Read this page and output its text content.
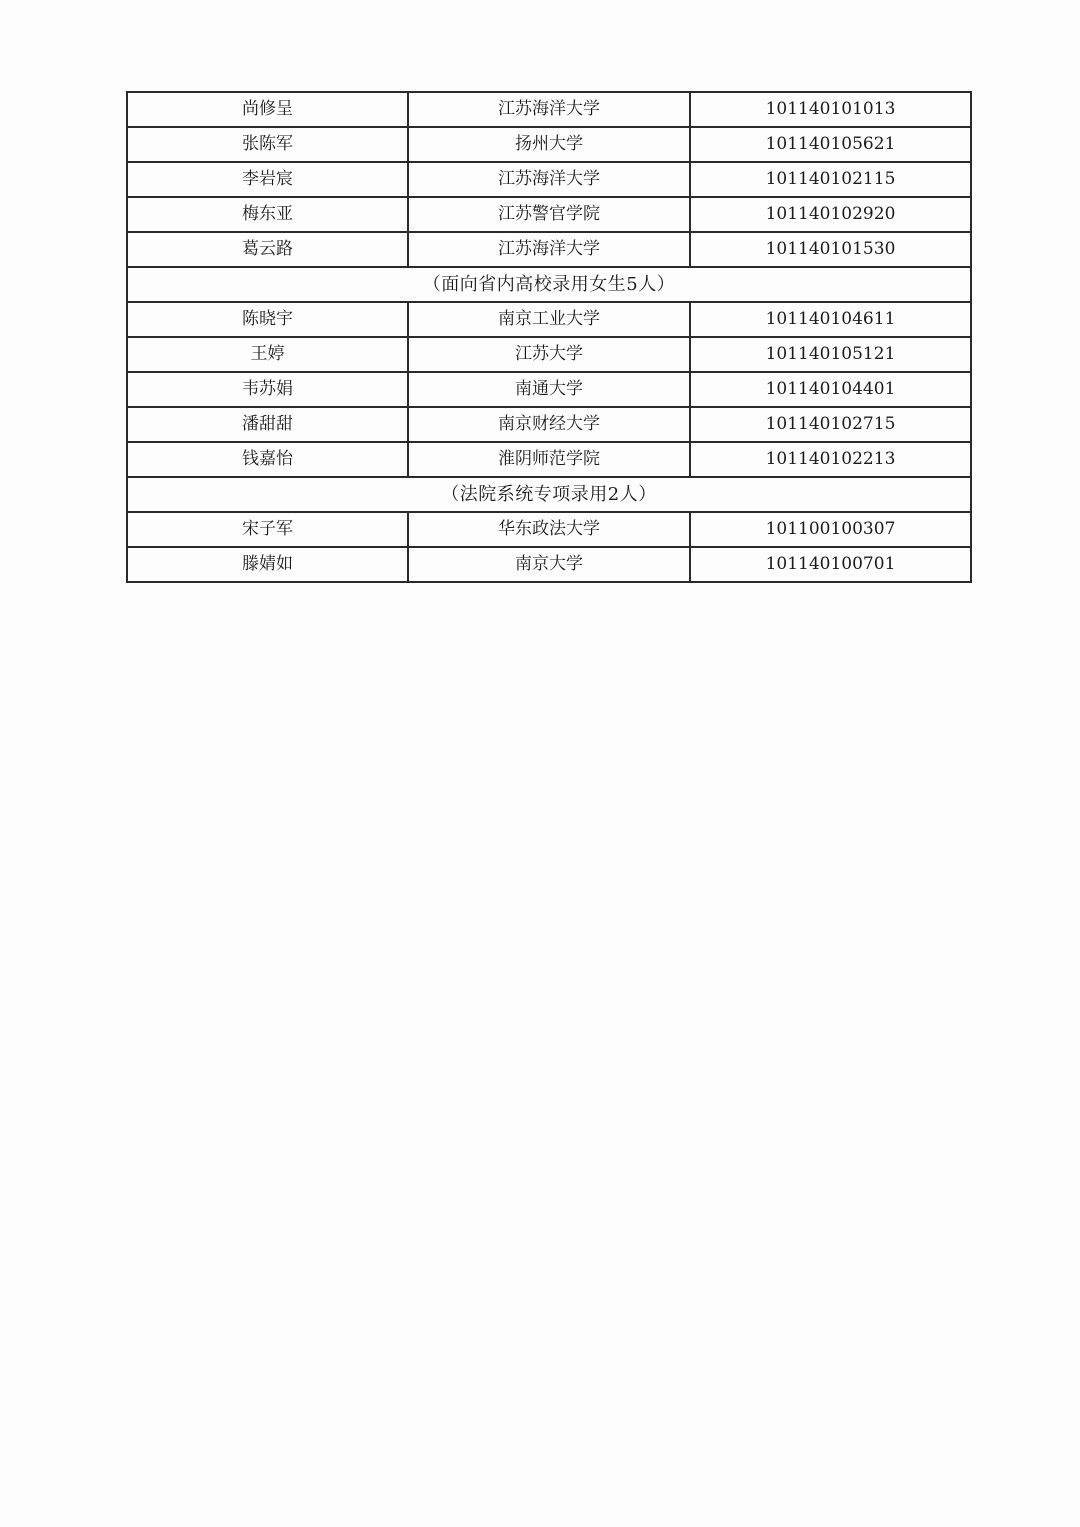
尚修呈	江苏海洋大学	101140101013
张陈军	扬州大学	101140105621
李岩宸	江苏海洋大学	101140102115
梅东亚	江苏警官学院	101140102920
葛云路	江苏海洋大学	101140101530
（面向省内高校录用女生5人）		
陈晓宇	南京工业大学	101140104611
王婷	江苏大学	101140105121
韦苏娟	南通大学	101140104401
潘甜甜	南京财经大学	101140102715
钱嘉怡	淮阴师范学院	101140102213
（法院系统专项录用2人）		
宋子军	华东政法大学	101100100307
滕婧如	南京大学	101140100701
